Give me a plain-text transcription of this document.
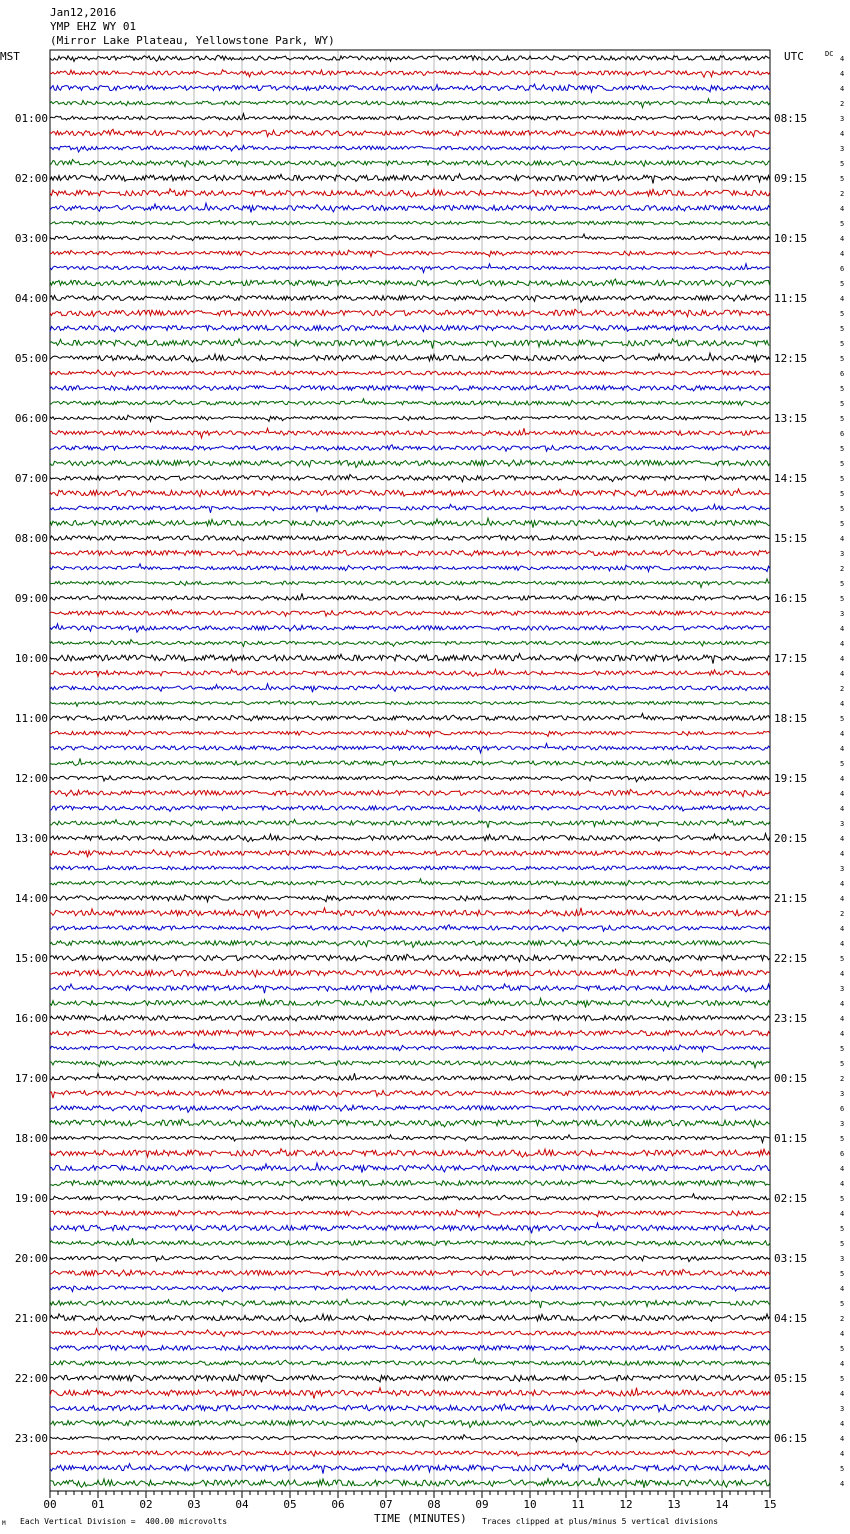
Jan12,2016
YMP EHZ WY 01
(Mirror Lake Plateau, Yellowstone Park, WY)
MST	UTC
01:00
02:00
03:00
04:00
05:00
06:00
07:00
08:00
09:00
10:00
11:00
12:00
13:00
14:00
15:00
16:00
17:00
18:00
19:00
20:00
21:00
22:00
23:00
08:15
09:15
10:15
11:15
12:15
13:15
14:15
15:15
16:15
17:15
18:15
19:15
20:15
21:15
22:15
23:15
00:15
01:15
02:15
03:15
04:15
05:15
06:15
DC
4
4
4
2
3
4
3
5
5
2
4
5
4
4
6
5
4
5
5
5
5
6
5
5
5
6
5
5
5
5
5
5
4
3
2
5
5
3
4
4
4
4
2
4
5
4
4
5
4
4
4
3
4
4
3
4
4
2
4
4
5
4
3
4
4
4
5
5
2
3
6
3
5
6
4
4
5
4
5
5
3
5
4
5
2
4
5
4
5
4
3
4
4
4
5
4
00	01	02	03	04	05	06	07	08	09	10	11	12	13	14	15
M Each Vertical Division =  400.00 microvolts	TIME (MINUTES) Traces clipped at plus/minus 5 vertical divisions
